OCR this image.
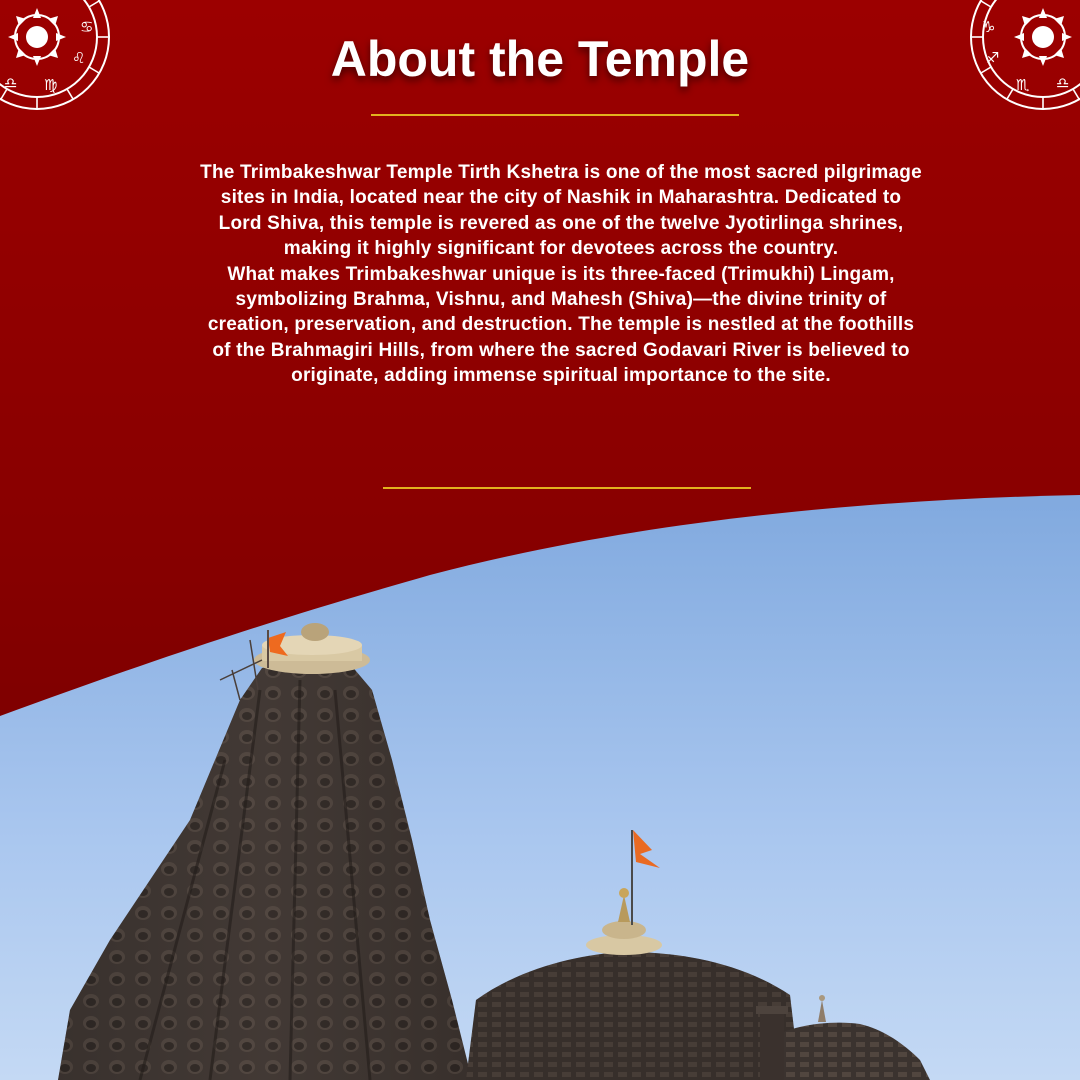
♌
♍
♋
♎
♐
♏
♑
♎
About the Temple

The Trimbakeshwar Temple Tirth Kshetra is one of the most sacred pilgrimage sites in India, located near the city of Nashik in Maharashtra. Dedicated to Lord Shiva, this temple is revered as one of the twelve Jyotirlinga shrines, making it highly significant for devotees across the country.

What makes Trimbakeshwar unique is its three-faced (Trimukhi) Lingam, symbolizing Brahma, Vishnu, and Mahesh (Shiva)—the divine trinity of creation, preservation, and destruction. The temple is nestled at the foothills of the Brahmagiri Hills, from where the sacred Godavari River is believed to originate, adding immense spiritual importance to the site.
